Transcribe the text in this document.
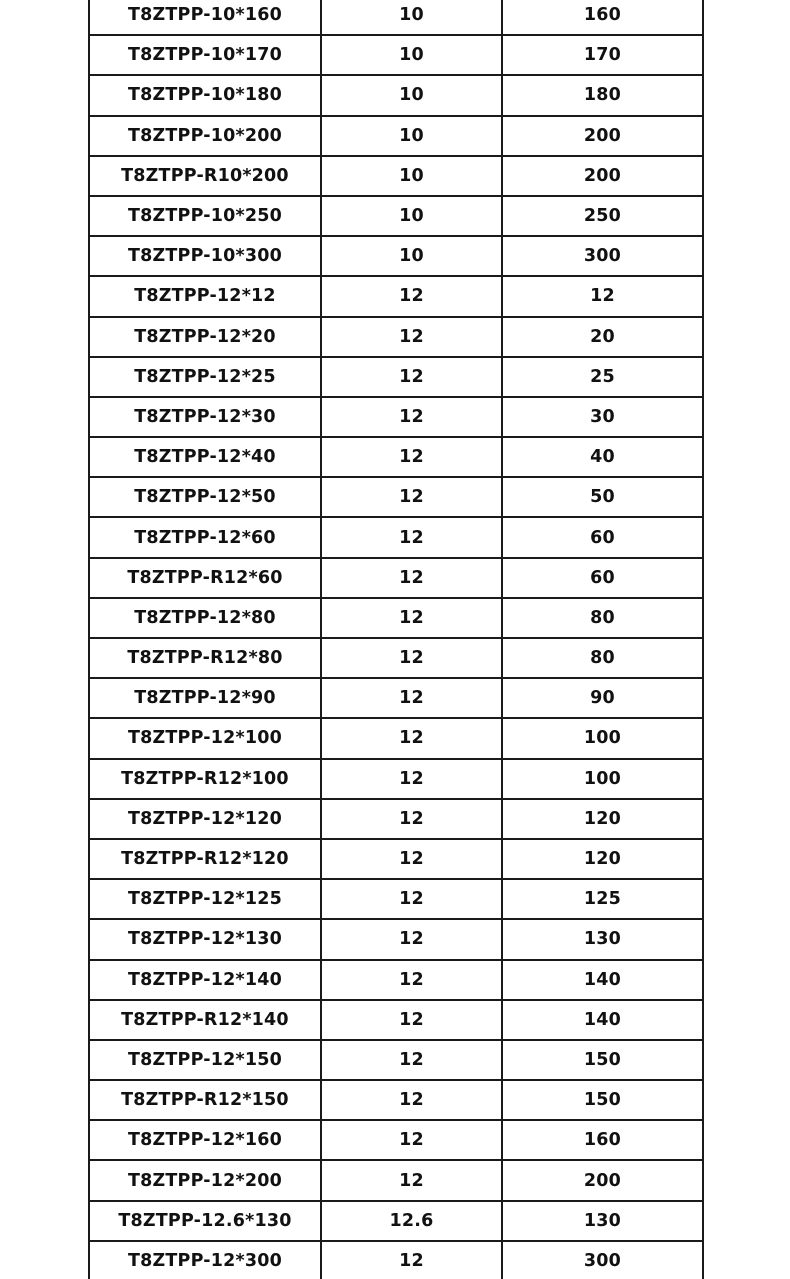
T8ZTPP-10*160	10	160
T8ZTPP-10*170	10	170
T8ZTPP-10*180	10	180
T8ZTPP-10*200	10	200
T8ZTPP-R10*200	10	200
T8ZTPP-10*250	10	250
T8ZTPP-10*300	10	300
T8ZTPP-12*12	12	12
T8ZTPP-12*20	12	20
T8ZTPP-12*25	12	25
T8ZTPP-12*30	12	30
T8ZTPP-12*40	12	40
T8ZTPP-12*50	12	50
T8ZTPP-12*60	12	60
T8ZTPP-R12*60	12	60
T8ZTPP-12*80	12	80
T8ZTPP-R12*80	12	80
T8ZTPP-12*90	12	90
T8ZTPP-12*100	12	100
T8ZTPP-R12*100	12	100
T8ZTPP-12*120	12	120
T8ZTPP-R12*120	12	120
T8ZTPP-12*125	12	125
T8ZTPP-12*130	12	130
T8ZTPP-12*140	12	140
T8ZTPP-R12*140	12	140
T8ZTPP-12*150	12	150
T8ZTPP-R12*150	12	150
T8ZTPP-12*160	12	160
T8ZTPP-12*200	12	200
T8ZTPP-12.6*130	12.6	130
T8ZTPP-12*300	12	300
